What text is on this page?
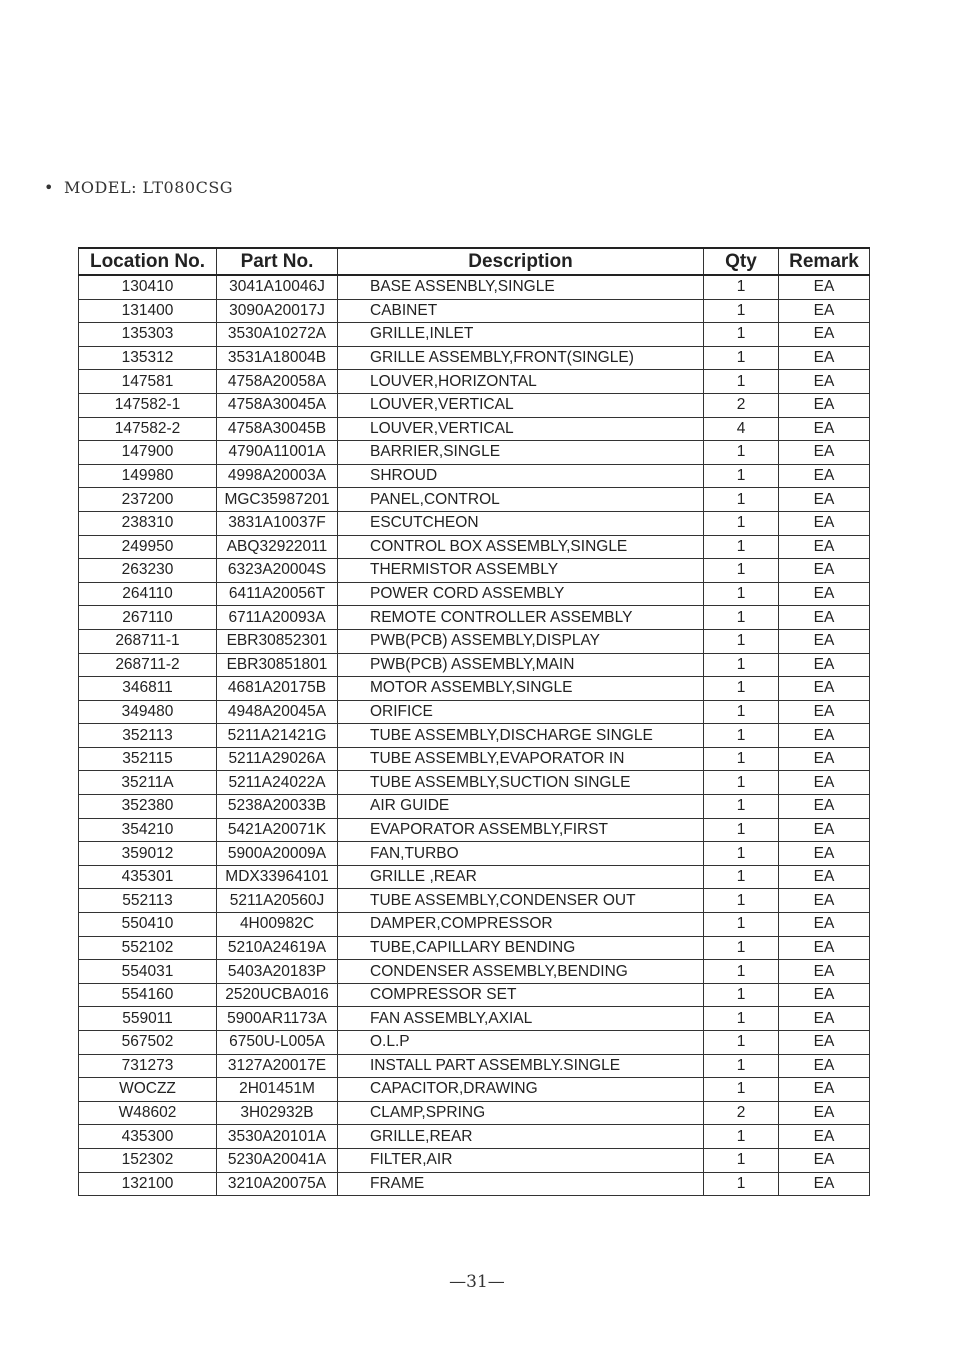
• MODEL: LT080CSG
Location No.	Part No.	Description	Qty	Remark
130410	3041A10046J	BASE ASSENBLY,SINGLE	1	EA
131400	3090A20017J	CABINET	1	EA
135303	3530A10272A	GRILLE,INLET	1	EA
135312	3531A18004B	GRILLE ASSEMBLY,FRONT(SINGLE)	1	EA
147581	4758A20058A	LOUVER,HORIZONTAL	1	EA
147582-1	4758A30045A	LOUVER,VERTICAL	2	EA
147582-2	4758A30045B	LOUVER,VERTICAL	4	EA
147900	4790A11001A	BARRIER,SINGLE	1	EA
149980	4998A20003A	SHROUD	1	EA
237200	MGC35987201	PANEL,CONTROL	1	EA
238310	3831A10037F	ESCUTCHEON	1	EA
249950	ABQ32922011	CONTROL BOX ASSEMBLY,SINGLE	1	EA
263230	6323A20004S	THERMISTOR ASSEMBLY	1	EA
264110	6411A20056T	POWER CORD ASSEMBLY	1	EA
267110	6711A20093A	REMOTE CONTROLLER ASSEMBLY	1	EA
268711-1	EBR30852301	PWB(PCB) ASSEMBLY,DISPLAY	1	EA
268711-2	EBR30851801	PWB(PCB) ASSEMBLY,MAIN	1	EA
346811	4681A20175B	MOTOR ASSEMBLY,SINGLE	1	EA
349480	4948A20045A	ORIFICE	1	EA
352113	5211A21421G	TUBE ASSEMBLY,DISCHARGE SINGLE	1	EA
352115	5211A29026A	TUBE ASSEMBLY,EVAPORATOR IN	1	EA
35211A	5211A24022A	TUBE ASSEMBLY,SUCTION SINGLE	1	EA
352380	5238A20033B	AIR GUIDE	1	EA
354210	5421A20071K	EVAPORATOR ASSEMBLY,FIRST	1	EA
359012	5900A20009A	FAN,TURBO	1	EA
435301	MDX33964101	GRILLE ,REAR	1	EA
552113	5211A20560J	TUBE ASSEMBLY,CONDENSER OUT	1	EA
550410	4H00982C	DAMPER,COMPRESSOR	1	EA
552102	5210A24619A	TUBE,CAPILLARY BENDING	1	EA
554031	5403A20183P	CONDENSER ASSEMBLY,BENDING	1	EA
554160	2520UCBA016	COMPRESSOR SET	1	EA
559011	5900AR1173A	FAN ASSEMBLY,AXIAL	1	EA
567502	6750U-L005A	O.L.P	1	EA
731273	3127A20017E	INSTALL PART ASSEMBLY.SINGLE	1	EA
WOCZZ	2H01451M	CAPACITOR,DRAWING	1	EA
W48602	3H02932B	CLAMP,SPRING	2	EA
435300	3530A20101A	GRILLE,REAR	1	EA
152302	5230A20041A	FILTER,AIR	1	EA
132100	3210A20075A	FRAME	1	EA
—31—
